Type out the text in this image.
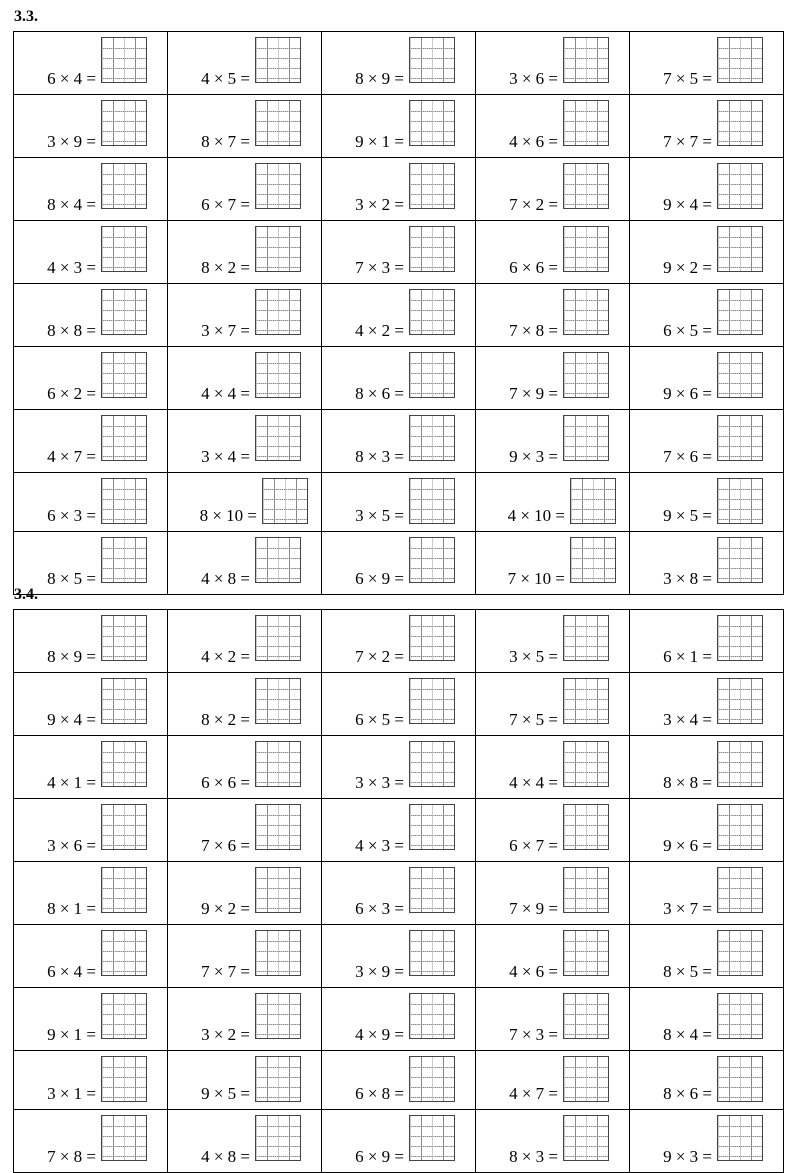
3.3.
6 × 4 =	4 × 5 =	8 × 9 =	3 × 6 =	7 × 5 =

3 × 9 =	8 × 7 =	9 × 1 =	4 × 6 =	7 × 7 =

8 × 4 =	6 × 7 =	3 × 2 =	7 × 2 =	9 × 4 =

4 × 3 =	8 × 2 =	7 × 3 =	6 × 6 =	9 × 2 =

8 × 8 =	3 × 7 =	4 × 2 =	7 × 8 =	6 × 5 =

6 × 2 =	4 × 4 =	8 × 6 =	7 × 9 =	9 × 6 =

4 × 7 =	3 × 4 =	8 × 3 =	9 × 3 =	7 × 6 =

6 × 3 =	8 × 10 =	3 × 5 =	4 × 10 =	9 × 5 =

8 × 5 =	4 × 8 =	6 × 9 =	7 × 10 =	3 × 8 =
3.4.
8 × 9 =	4 × 2 =	7 × 2 =	3 × 5 =	6 × 1 =

9 × 4 =	8 × 2 =	6 × 5 =	7 × 5 =	3 × 4 =

4 × 1 =	6 × 6 =	3 × 3 =	4 × 4 =	8 × 8 =

3 × 6 =	7 × 6 =	4 × 3 =	6 × 7 =	9 × 6 =

8 × 1 =	9 × 2 =	6 × 3 =	7 × 9 =	3 × 7 =

6 × 4 =	7 × 7 =	3 × 9 =	4 × 6 =	8 × 5 =

9 × 1 =	3 × 2 =	4 × 9 =	7 × 3 =	8 × 4 =

3 × 1 =	9 × 5 =	6 × 8 =	4 × 7 =	8 × 6 =

7 × 8 =	4 × 8 =	6 × 9 =	8 × 3 =	9 × 3 =
